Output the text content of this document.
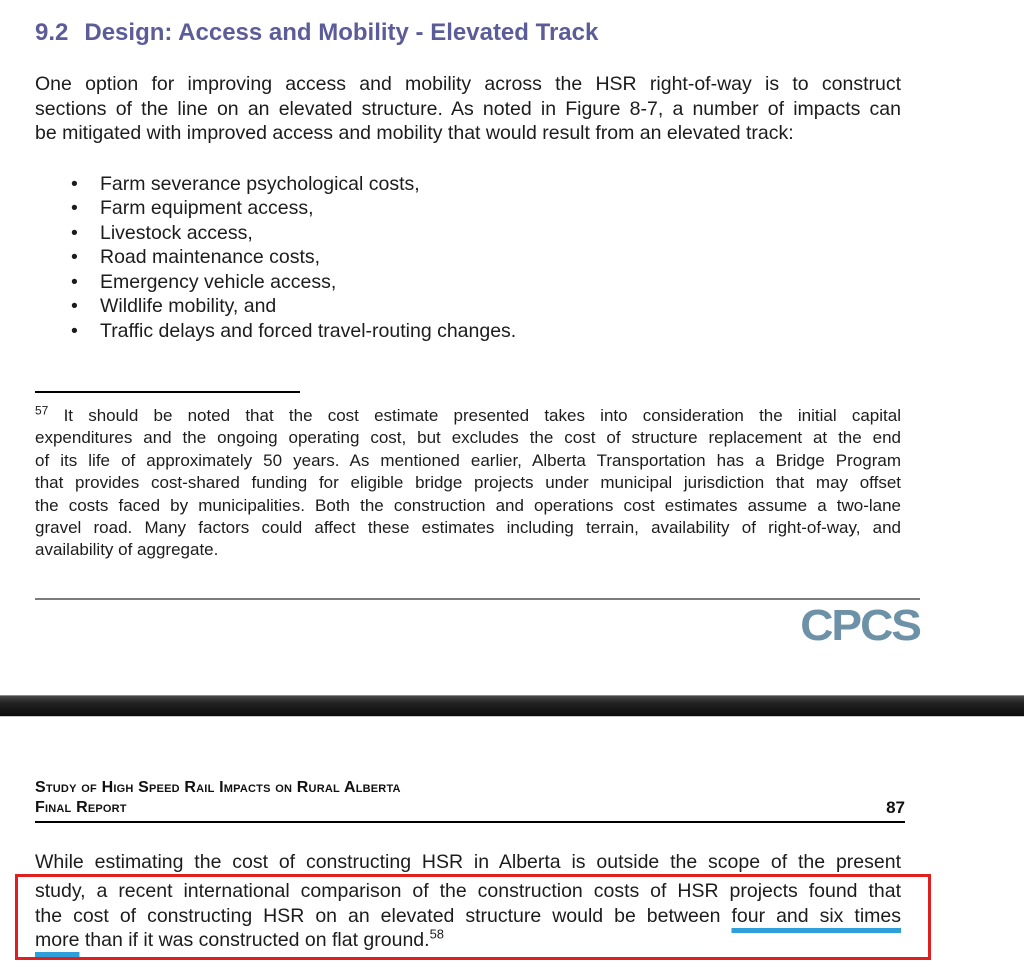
9.2 Design: Access and Mobility - Elevated Track
One option for improving access and mobility across the HSR right-of-way is to construct
sections of the line on an elevated structure. As noted in Figure 8-7, a number of impacts can
be mitigated with improved access and mobility that would result from an elevated track:
• Farm severance psychological costs,
• Farm equipment access,
• Livestock access,
• Road maintenance costs,
• Emergency vehicle access,
• Wildlife mobility, and
• Traffic delays and forced travel-routing changes.
$^{57}$ It should be noted that the cost estimate presented takes into consideration the initial capital
expenditures and the ongoing operating cost, but excludes the cost of structure replacement at the end
of its life of approximately 50 years. As mentioned earlier, Alberta Transportation has a Bridge Program
that provides cost-shared funding for eligible bridge projects under municipal jurisdiction that may offset
the costs faced by municipalities. Both the construction and operations cost estimates assume a two-lane
gravel road. Many factors could affect these estimates including terrain, availability of right-of-way, and
availability of aggregate.
CPCS
Study of High Speed Rail Impacts on Rural Alberta
Final Report	87
While estimating the cost of constructing HSR in Alberta is outside the scope of the present
study, a recent international comparison of the construction costs of HSR projects found that
the cost of constructing HSR on an elevated structure would be between four and six times
more than if it was constructed on flat ground.$^{58}$
